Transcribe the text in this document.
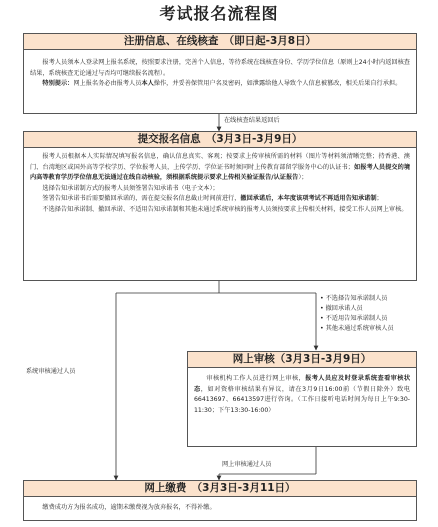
考试报名流程图
注册信息、在线核查　（即日起-3月8日）

报考人员须本人登录网上报名系统，按照要求注册，完善个人信息，等待系统在线核查身份、学历学位信息（原则上24小时内返回核查结果，系统核查无论通过与否均可继续报名流程）。

特别提示：网上报名务必由报考人员本人操作，并妥善保管用户名及密码，如泄露给他人导致个人信息被篡改，相关后果自行承担。

在线核查结果返回后
提交报名信息　（3月3日-3月9日）

报考人员根据本人实际情况填写报名信息，确认信息真实、客观；按要求上传审核所需的材料（图片等材料须清晰完整；持香港、澳门、台湾地区或国外高等学校学历、学位报考人员，上传学历、学位证书时须同时上传教育部留学服务中心的认证书；如报考人员提交的境内高等教育学历学位信息无法通过在线自动核验，须根据系统提示要求上传相关验证报告/认证报告）；

选择告知承诺制方式的报考人员须签署告知承诺书（电子文本）；

签署告知承诺书后需要撤回承诺的，需在提交报名信息截止时间前进行，撤回承诺后，本年度该项考试不再适用告知承诺制；

不选择告知承诺制、撤回承诺、不适用告知承诺制和其他未通过系统审核的报考人员须按要求上传相关材料，接受工作人员网上审核。

• 不选择告知承诺制人员
• 撤回承诺人员
• 不适用告知承诺制人员
• 其他未通过系统审核人员
系统审核通过人员
网上审核（3月3日-3月9日）

审核机构工作人员进行网上审核，报考人员应及时登录系统查看审核状态，如对资格审核结果有异议，请在3月9日16:00前（节假日除外）致电66413697、66413597进行咨询。（工作日接听电话时间为每日上午9:30-11:30；下午13:30-16:00）

网上审核通过人员
网上缴费　（3月3日-3月11日）

缴费成功方为报名成功，逾期未缴费视为放弃报名，不得补缴。
